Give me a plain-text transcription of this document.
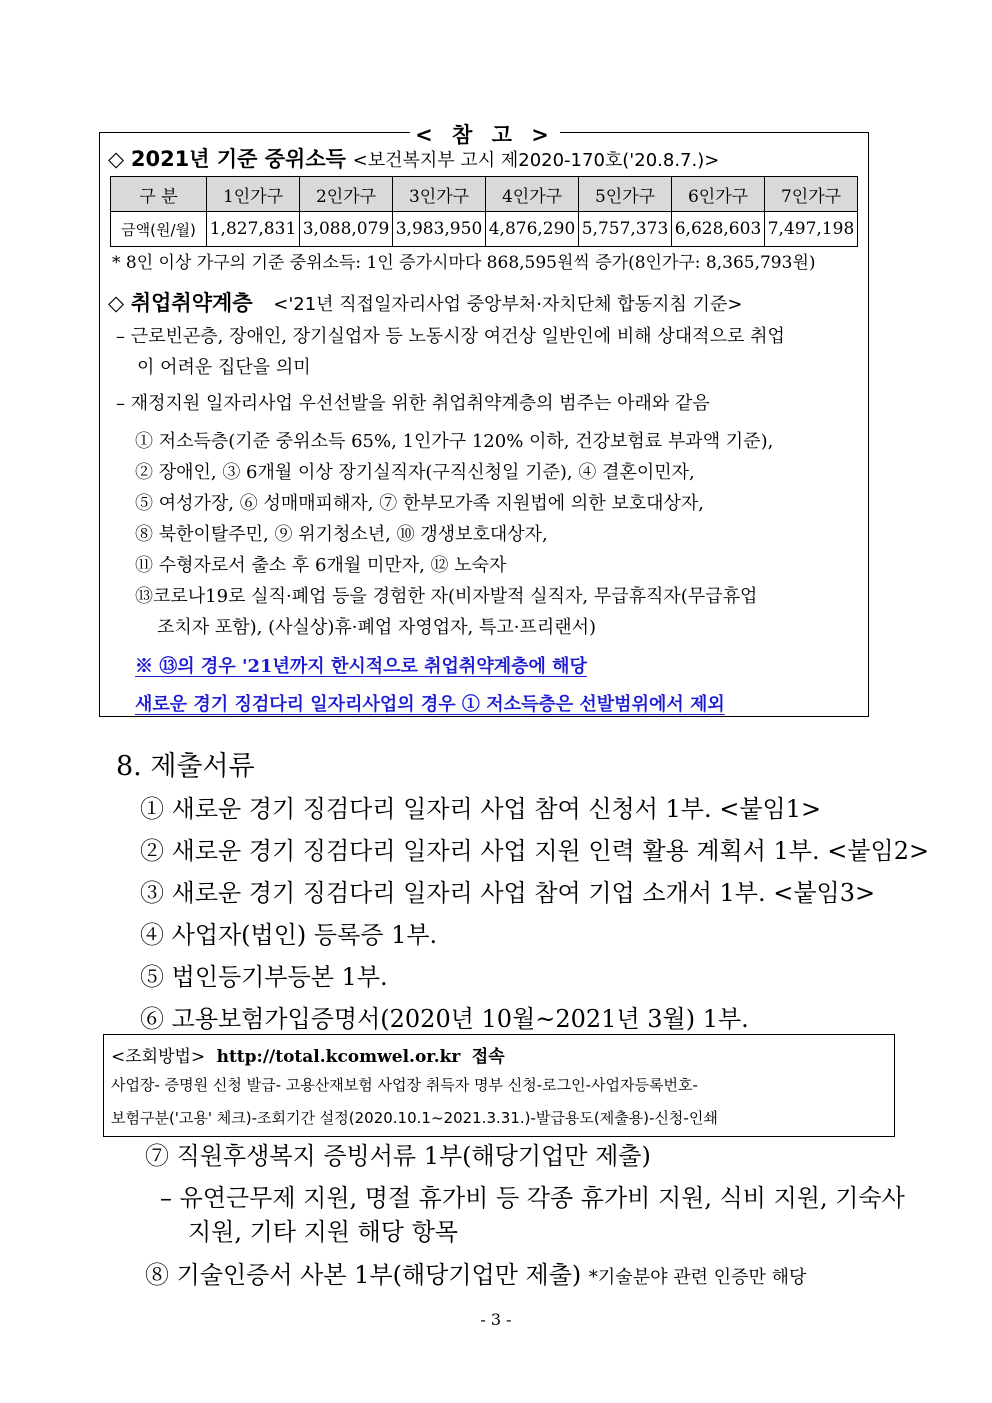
< 참 고 >
◇ 2021년 기준 중위소득 <보건복지부 고시 제2020-170호('20.8.7.)>
구 분	1인가구	2인가구	3인가구	4인가구	5인가구	6인가구	7인가구
금액(원/월)	1,827,831	3,088,079	3,983,950	4,876,290	5,757,373	6,628,603	7,497,198
* 8인 이상 가구의 기준 중위소득: 1인 증가시마다 868,595원씩 증가(8인가구: 8,365,793원)
◇ 취업취약계층 <'21년 직접일자리사업 중앙부처·자치단체 합동지침 기준>
– 근로빈곤층, 장애인, 장기실업자 등 노동시장 여건상 일반인에 비해 상대적으로 취업
이 어려운 집단을 의미
– 재정지원 일자리사업 우선선발을 위한 취업취약계층의 범주는 아래와 같음
① 저소득층(기준 중위소득 65%, 1인가구 120% 이하, 건강보험료 부과액 기준),
② 장애인, ③ 6개월 이상 장기실직자(구직신청일 기준), ④ 결혼이민자,
⑤ 여성가장, ⑥ 성매매피해자, ⑦ 한부모가족 지원법에 의한 보호대상자,
⑧ 북한이탈주민, ⑨ 위기청소년, ⑩ 갱생보호대상자,
⑪ 수형자로서 출소 후 6개월 미만자, ⑫ 노숙자
⑬코로나19로 실직·폐업 등을 경험한 자(비자발적 실직자, 무급휴직자(무급휴업
조치자 포함), (사실상)휴·폐업 자영업자, 특고·프리랜서)
※ ⑬의 경우 '21년까지 한시적으로 취업취약계층에 해당
새로운 경기 징검다리 일자리사업의 경우 ① 저소득층은 선발범위에서 제외
8. 제출서류
① 새로운 경기 징검다리 일자리 사업 참여 신청서 1부. <붙임1>
② 새로운 경기 징검다리 일자리 사업 지원 인력 활용 계획서 1부. <붙임2>
③ 새로운 경기 징검다리 일자리 사업 참여 기업 소개서 1부. <붙임3>
④ 사업자(법인) 등록증 1부.
⑤ 법인등기부등본 1부.
⑥ 고용보험가입증명서(2020년 10월~2021년 3월) 1부.
<조회방법> http://total.kcomwel.or.kr 접속
사업장- 증명원 신청 발급- 고용산재보험 사업장 취득자 명부 신청-로그인-사업자등록번호-
보험구분('고용' 체크)-조회기간 설정(2020.10.1~2021.3.31.)-발급용도(제출용)-신청-인쇄
⑦ 직원후생복지 증빙서류 1부(해당기업만 제출)
– 유연근무제 지원, 명절 휴가비 등 각종 휴가비 지원, 식비 지원, 기숙사
지원, 기타 지원 해당 항목
⑧ 기술인증서 사본 1부(해당기업만 제출) *기술분야 관련 인증만 해당
- 3 -
